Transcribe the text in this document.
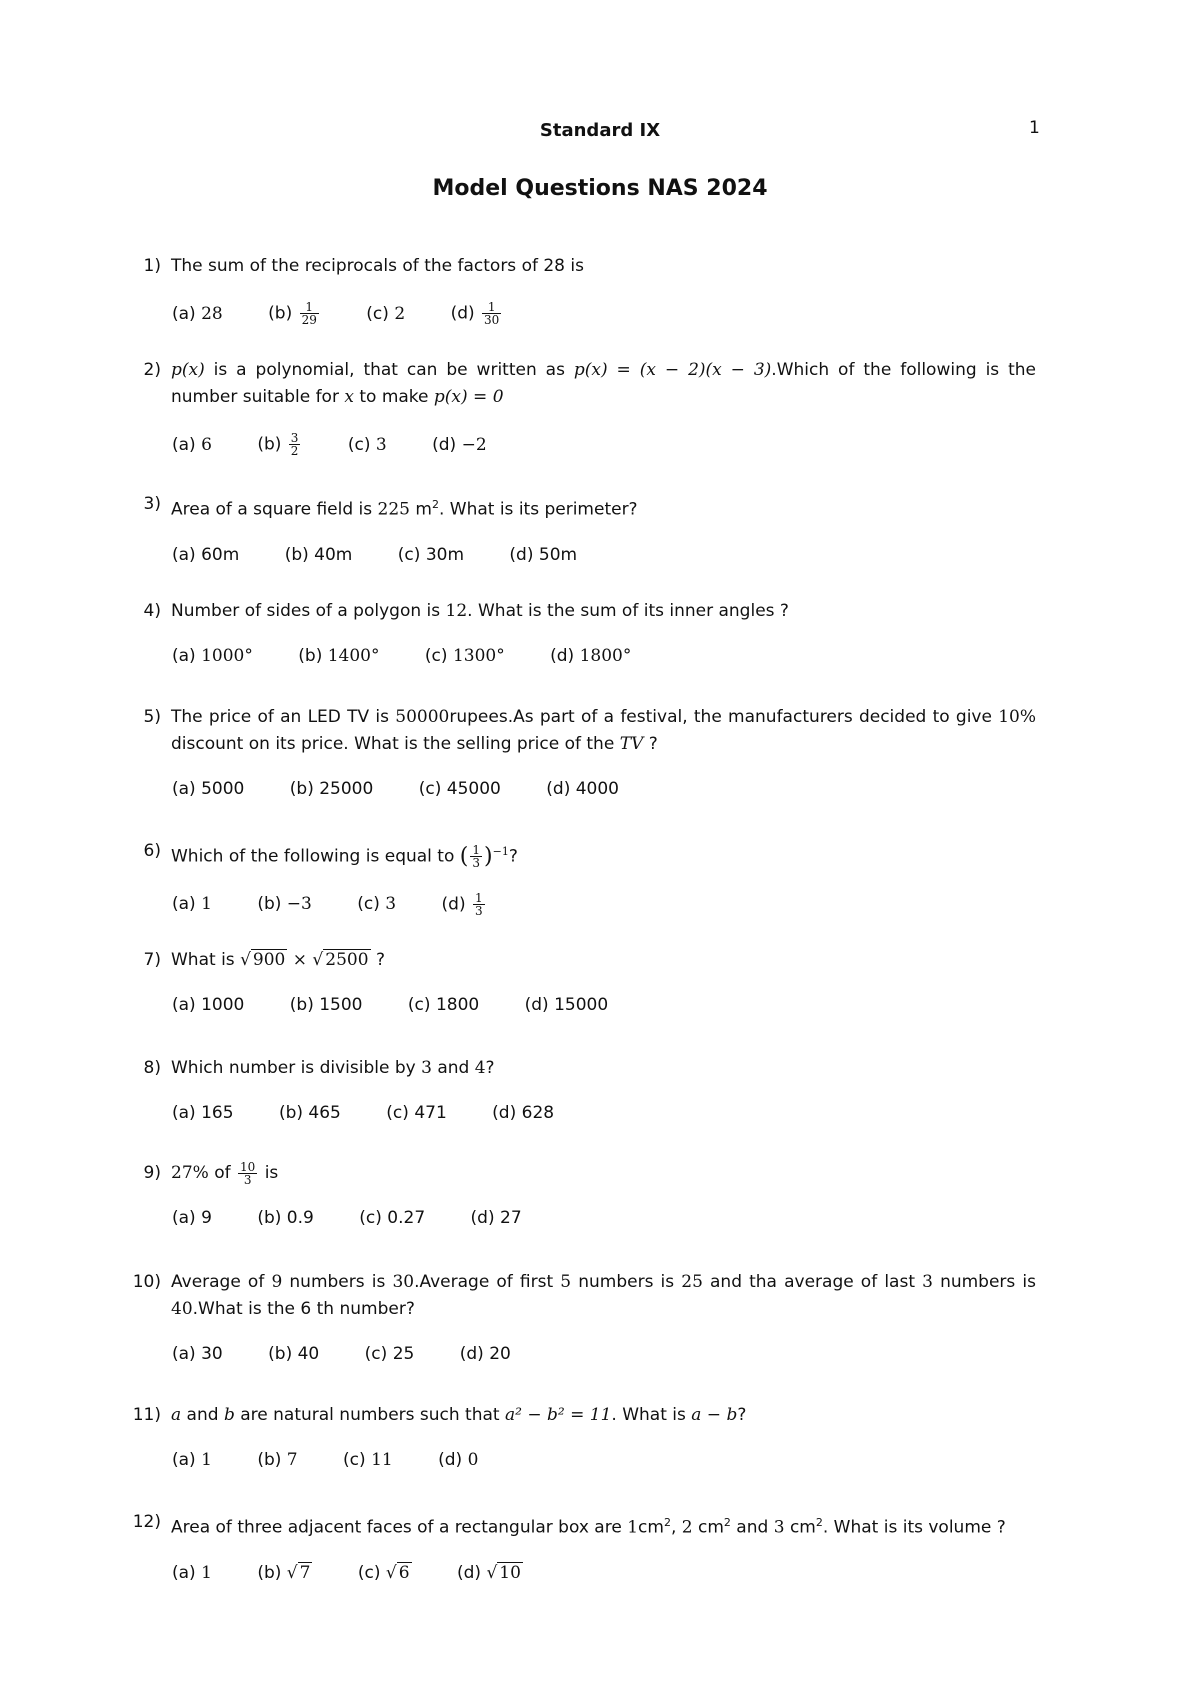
Standard IX	1
Model Questions NAS 2024
1) The sum of the reciprocals of the factors of 28 is
(a) 28	$(b) \frac{1}{29}$	(c) 2	$(d) \frac{1}{30}$
2) p(x) is a polynomial, that can be written as p(x) = (x − 2)(x − 3).Which of the following is the number suitable for x to make p(x) = 0
(a) 6	$(b) \frac{3}{2}$	(c) 3	(d) −2
3) Area of a square field is 225 $m^2$. What is its perimeter?
(a) 60m	(b) 40m	(c) 30m	(d) 50m
4) Number of sides of a polygon is 12. What is the sum of its inner angles ?
(a) 1000°	(b) 1400°	(c) 1300°	(d) 1800°
5) The price of an LED TV is 50000rupees.As part of a festival, the manufacturers decided to give 10% discount on its price. What is the selling price of the TV ?
(a) 5000	(b) 25000	(c) 45000	(d) 4000
6) Which of the following is equal to ( $\frac{1}{3} )^{-1}$?
(a) 1	(b) −3	(c) 3	$(d) \frac{1}{3}$
7) What is √ 900 × √ 2500 ?
(a) 1000	(b) 1500	(c) 1800	(d) 15000
8) Which number is divisible by 3 and 4?
(a) 165	(b) 465	(c) 471	(d) 628
9) 27% of $\frac{10}{3}$ is
(a) 9	(b) 0.9	(c) 0.27	(d) 27
10) Average of 9 numbers is 30.Average of first 5 numbers is 25 and tha average of last 3 numbers is 40.What is the 6 th number?
(a) 30	(b) 40	(c) 25	(d) 20
11) a and b are natural numbers such that a² − b² = 11. What is a − b?
(a) 1	(b) 7	(c) 11	(d) 0
12) Area of three adjacent faces of a rectangular box are $1cm^2$, 2 $cm^2$ and 3 $cm^2$. What is its volume ?
(a) 1	(b) √ 7	(c) √ 6	(d) √ 10
